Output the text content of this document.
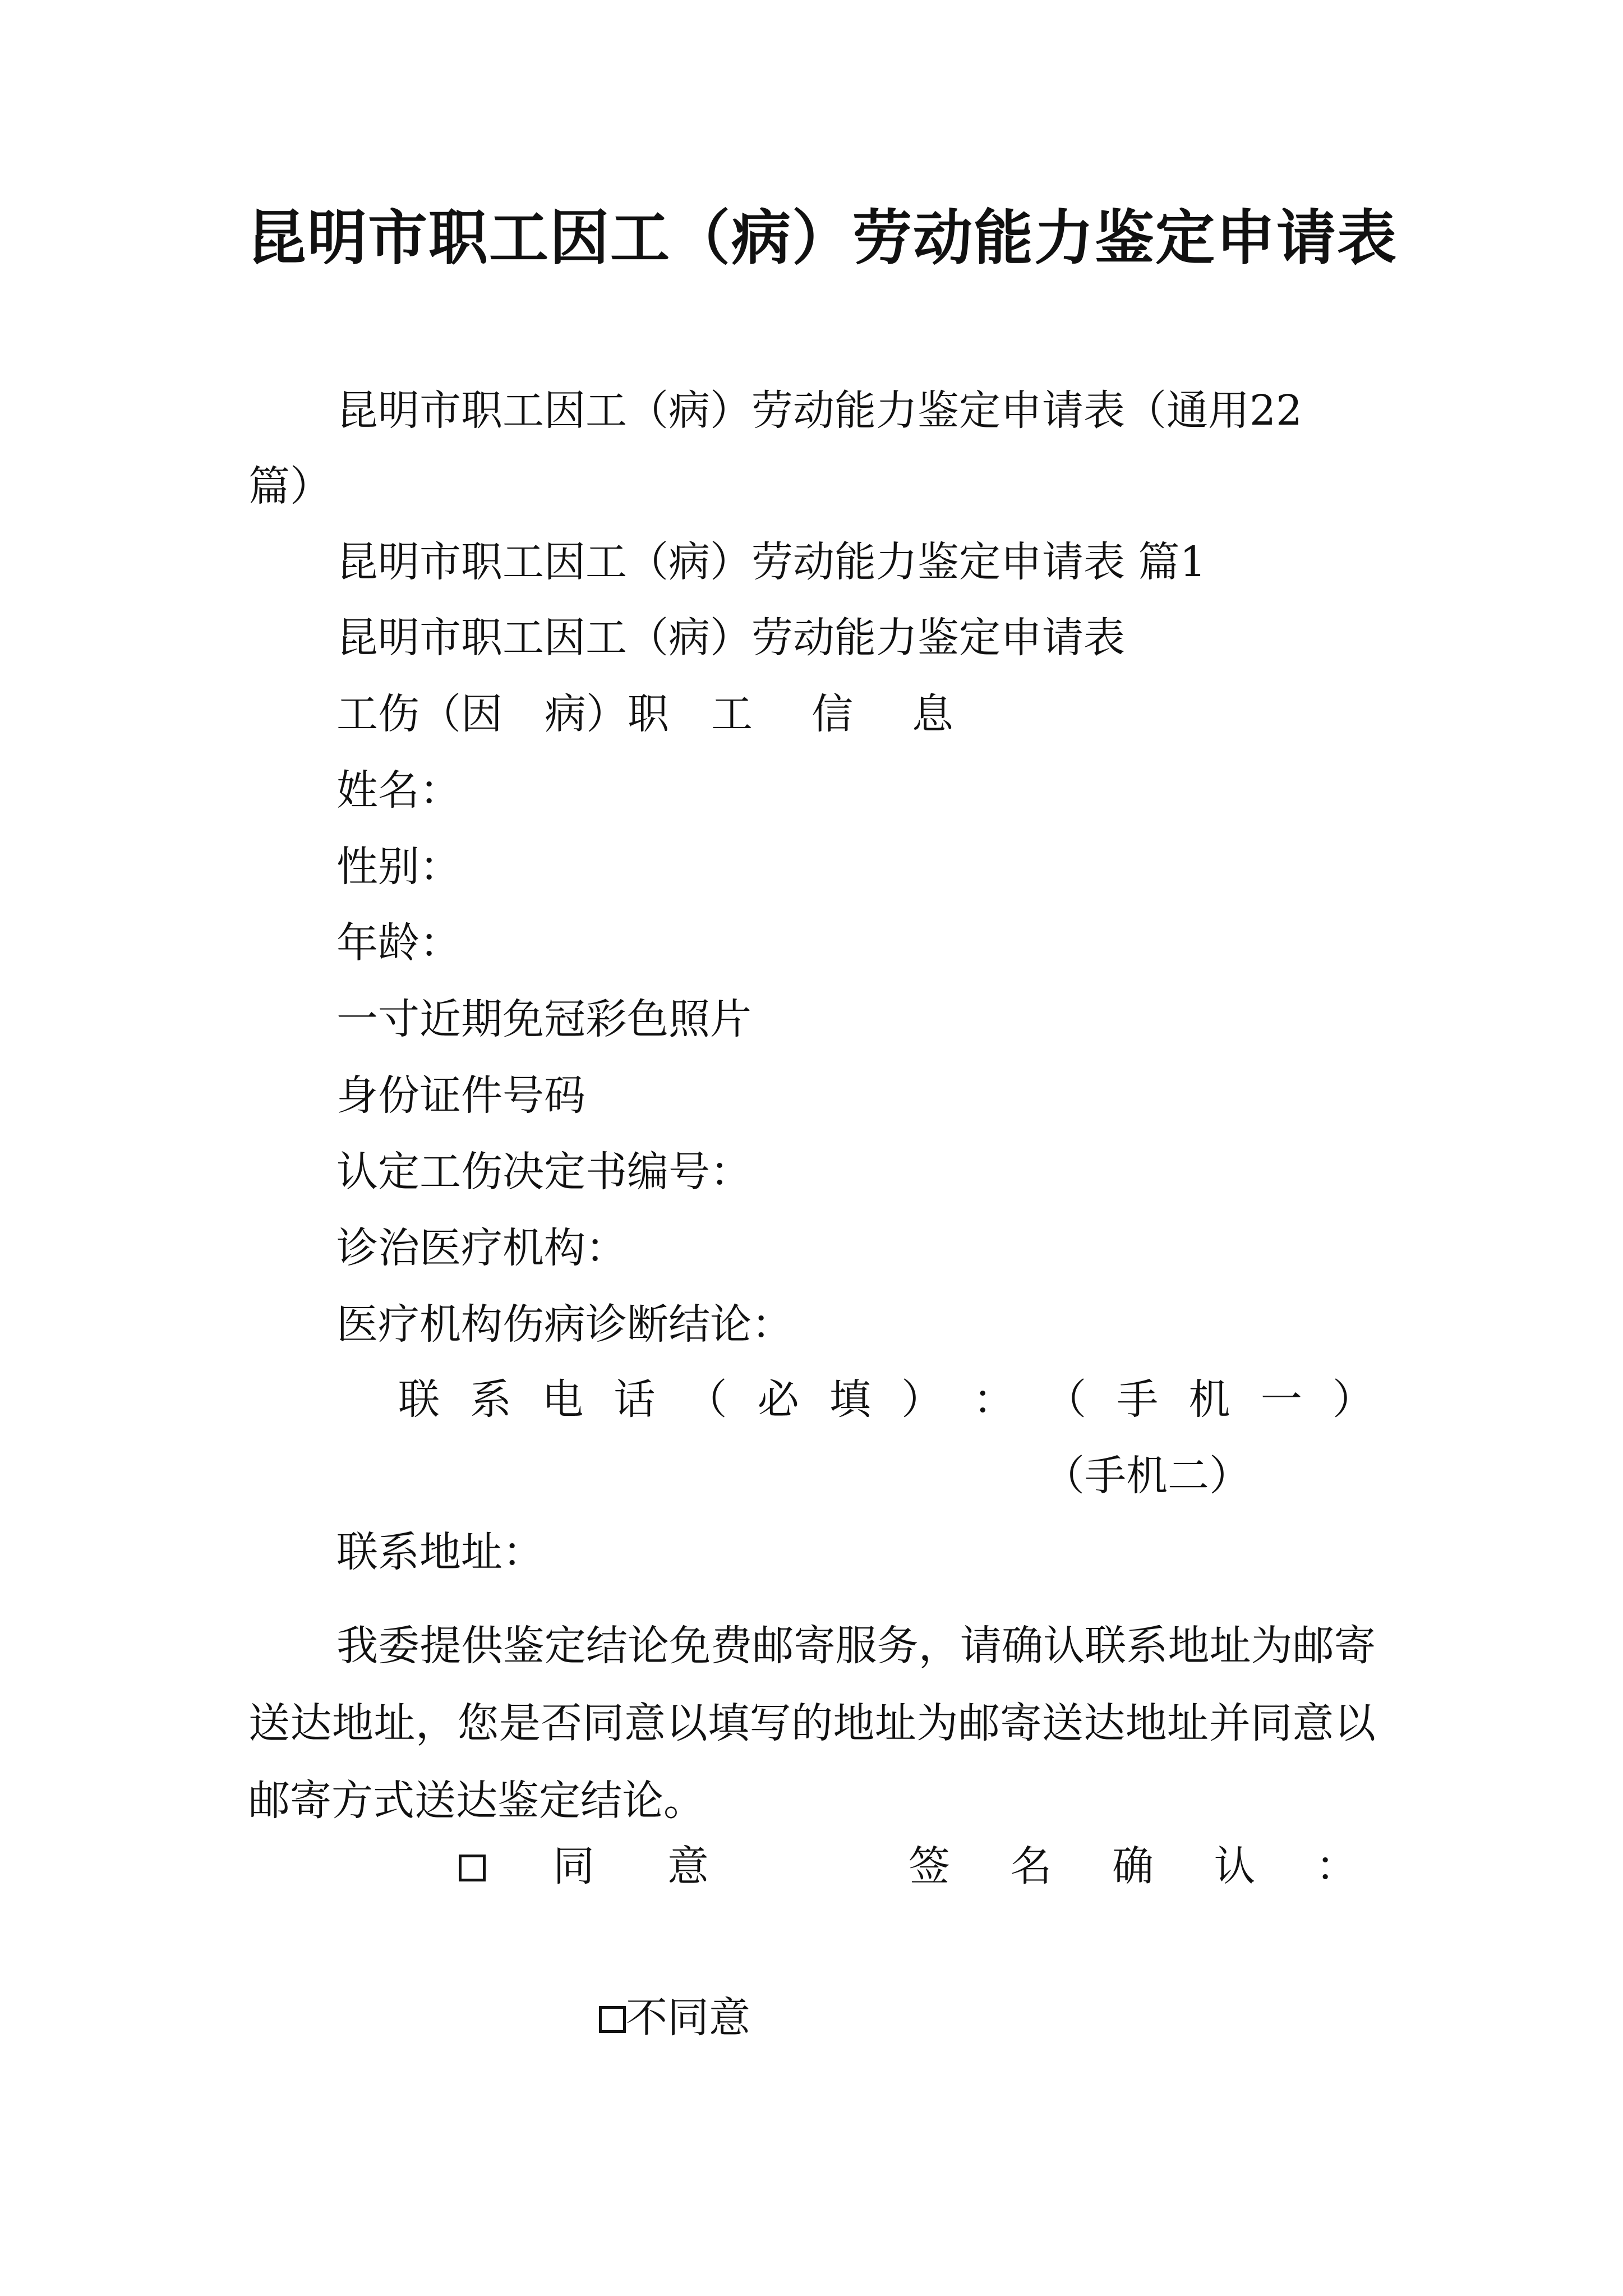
昆明市职工因工（病）劳动能力鉴定申请表
昆明市职工因工（病）劳动能力鉴定申请表（通用22
篇）
昆明市职工因工（病）劳动能力鉴定申请表 篇1
昆明市职工因工（病）劳动能力鉴定申请表
工伤（因 病）职 工 信 息
姓名：
性别：
年龄：
一寸近期免冠彩色照片
身份证件号码
认定工伤决定书编号：
诊治医疗机构：
医疗机构伤病诊断结论：
联 系 电 话 （ 必 填 ） ： （ 手 机 一 ）
（手机二）
联系地址：
我委提供鉴定结论免费邮寄服务，请确认联系地址为邮寄送达地址，您是否同意以填写的地址为邮寄送达地址并同意以邮寄方式送达鉴定结论。
同 意	签 名 确 认 ：
不同意
